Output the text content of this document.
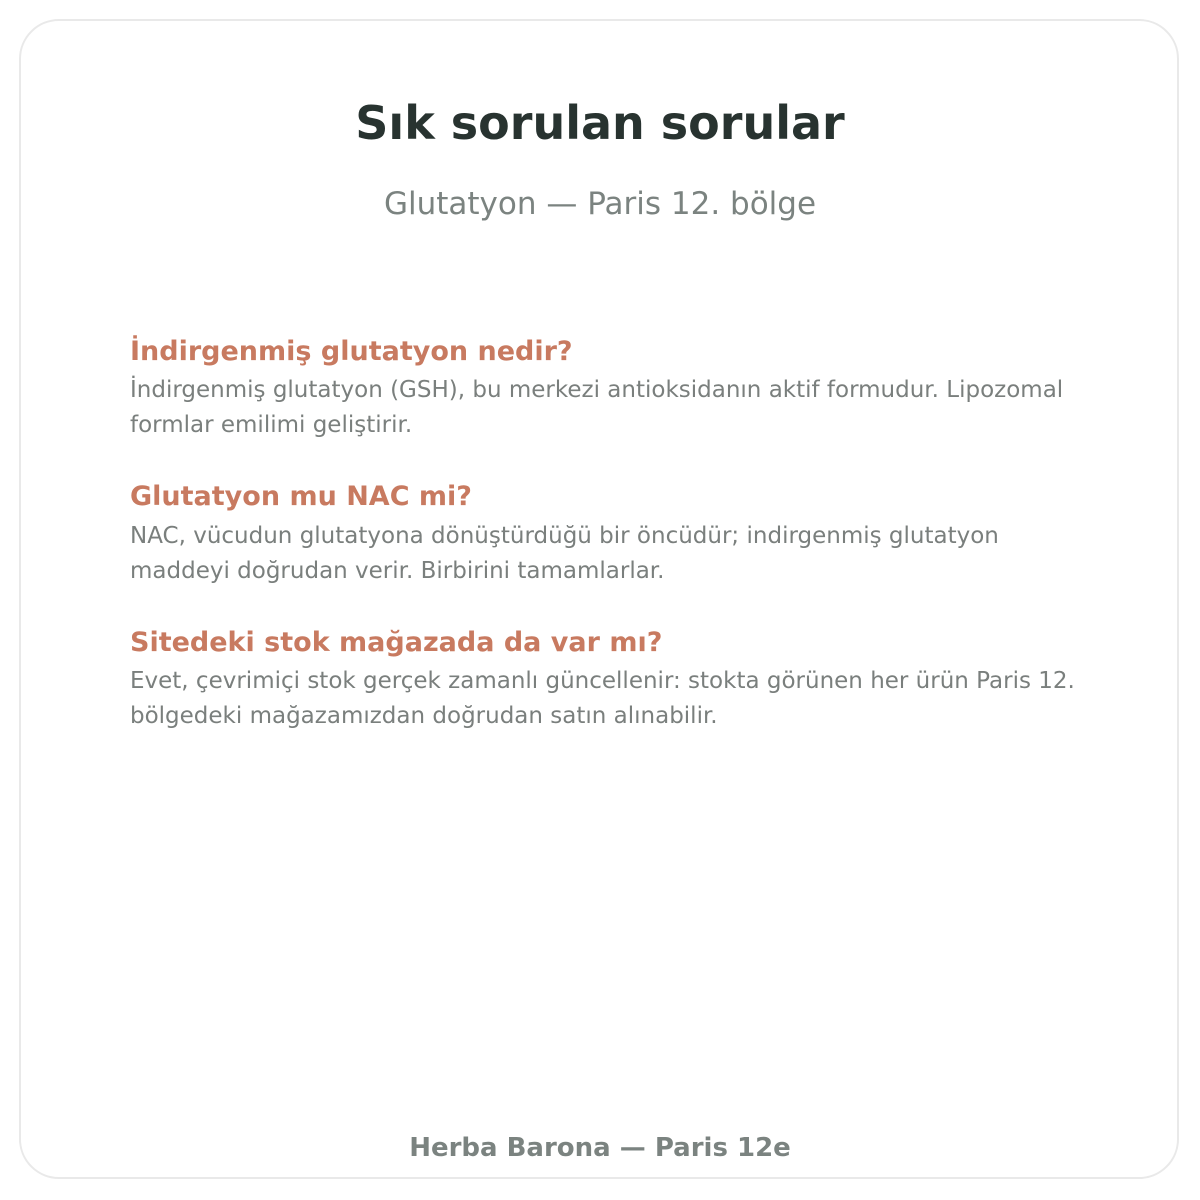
Sık sorulan sorular

Glutatyon — Paris 12. bölge

İndirgenmiş glutatyon nedir?

İndirgenmiş glutatyon (GSH), bu merkezi antioksidanın aktif formudur. Lipozomal formlar emilimi geliştirir.

Glutatyon mu NAC mi?

NAC, vücudun glutatyona dönüştürdüğü bir öncüdür; indirgenmiş glutatyon maddeyi doğrudan verir. Birbirini tamamlarlar.

Sitedeki stok mağazada da var mı?

Evet, çevrimiçi stok gerçek zamanlı güncellenir: stokta görünen her ürün Paris 12. bölgedeki mağazamızdan doğrudan satın alınabilir.

Herba Barona — Paris 12e
